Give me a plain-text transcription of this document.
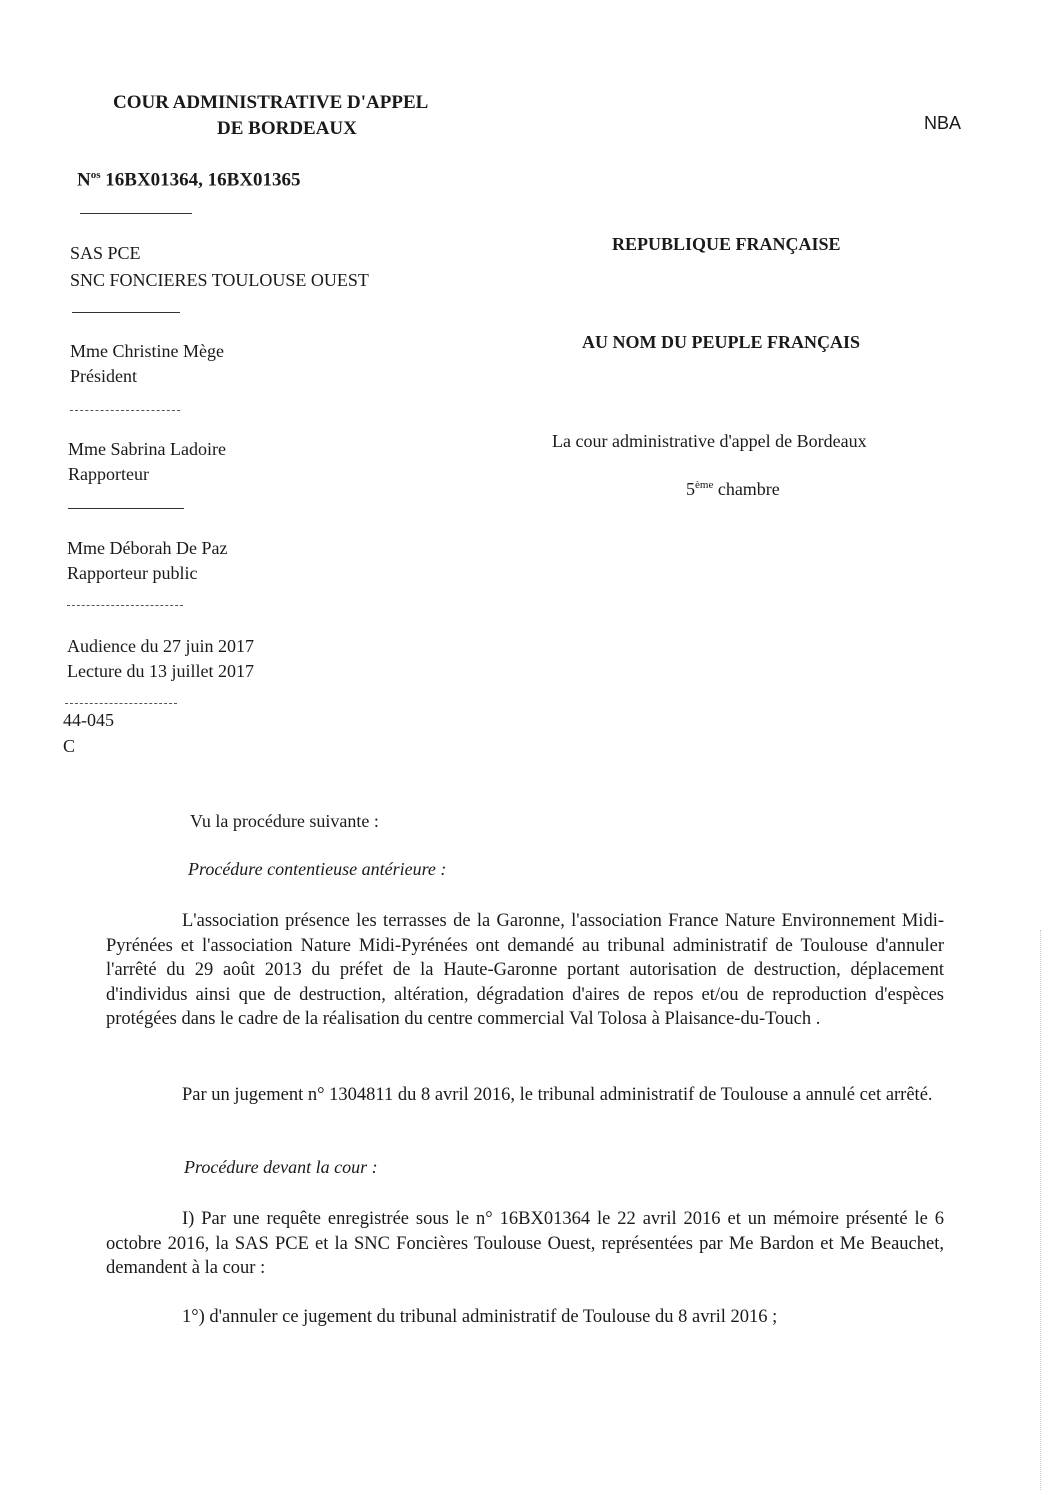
COUR ADMINISTRATIVE D'APPEL
DE BORDEAUX	NBA
$N^{os}$ 16BX01364, 16BX01365
SAS PCE
SNC FONCIERES TOULOUSE OUEST
Mme Christine Mège
Président
Mme Sabrina Ladoire
Rapporteur
Mme Déborah De Paz
Rapporteur public
Audience du 27 juin 2017
Lecture du 13 juillet 2017
44-045
C
REPUBLIQUE FRANÇAISE
AU NOM DU PEUPLE FRANÇAIS
La cour administrative d'appel de Bordeaux
5ème chambre
Vu la procédure suivante :
Procédure contentieuse antérieure :
L'association présence les terrasses de la Garonne, l'association France Nature Environnement Midi-Pyrénées et l'association Nature Midi-Pyrénées ont demandé au tribunal administratif de Toulouse d'annuler l'arrêté du 29 août 2013 du préfet de la Haute-Garonne portant autorisation de destruction, déplacement d'individus ainsi que de destruction, altération, dégradation d'aires de repos et/ou de reproduction d'espèces protégées dans le cadre de la réalisation du centre commercial Val Tolosa à Plaisance-du-Touch .
Par un jugement n° 1304811 du 8 avril 2016, le tribunal administratif de Toulouse a annulé cet arrêté.
Procédure devant la cour :
I) Par une requête enregistrée sous le n° 16BX01364 le 22 avril 2016 et un mémoire présenté le 6 octobre 2016, la SAS PCE et la SNC Foncières Toulouse Ouest, représentées par Me Bardon et Me Beauchet, demandent à la cour :
1°) d'annuler ce jugement du tribunal administratif de Toulouse du 8 avril 2016 ;
